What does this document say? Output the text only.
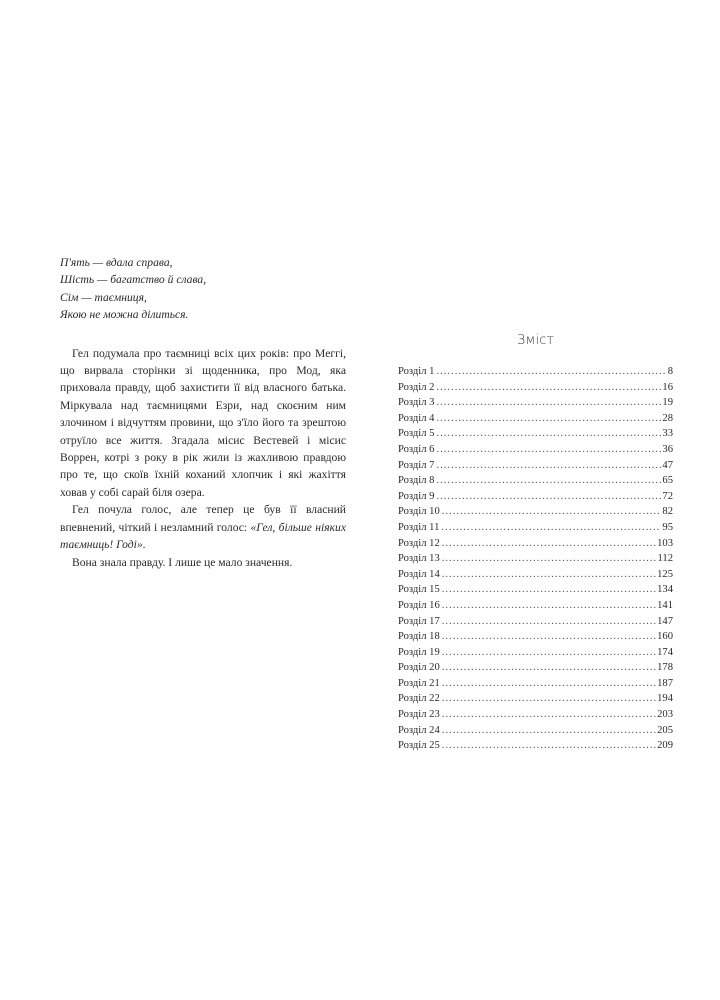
П'ять — вдала справа,
Шість — багатство й слава,
Сім — таємниця,
Якою не можна ділиться.

Гел подумала про таємниці всіх цих років: про Меггі, що вирвала сторінки зі щоденника, про Мод, яка приховала правду, щоб захистити її від власного батька. Міркувала над таємницями Езри, над скоєним ним злочином і відчуттям провини, що з'їло його та зрештою отруїло все життя. Згадала місис Вестевей і місис Воррен, котрі з року в рік жили із жахливою правдою про те, що скоїв їхній коханий хлопчик і які жахіття ховав у собі сарай біля озера.

Гел почула голос, але тепер це був її власний впевнений, чіткий і незламний голос: «Гел, більше ніяких таємниць! Годі».

Вона знала правду. І лише це мало значення.

Зміст
Розділ 1 .....	8
Розділ 2 .....	16
Розділ 3 .....	19
Розділ 4 .....	28
Розділ 5 .....	33
Розділ 6 .....	36
Розділ 7 .....	47
Розділ 8 .....	65
Розділ 9 .....	72
Розділ 10 .....	82
Розділ 11 .....	95
Розділ 12 .....	103
Розділ 13 .....	112
Розділ 14 .....	125
Розділ 15 .....	134
Розділ 16 .....	141
Розділ 17 .....	147
Розділ 18 .....	160
Розділ 19 .....	174
Розділ 20 .....	178
Розділ 21 .....	187
Розділ 22 .....	194
Розділ 23 .....	203
Розділ 24 .....	205
Розділ 25 .....	209
